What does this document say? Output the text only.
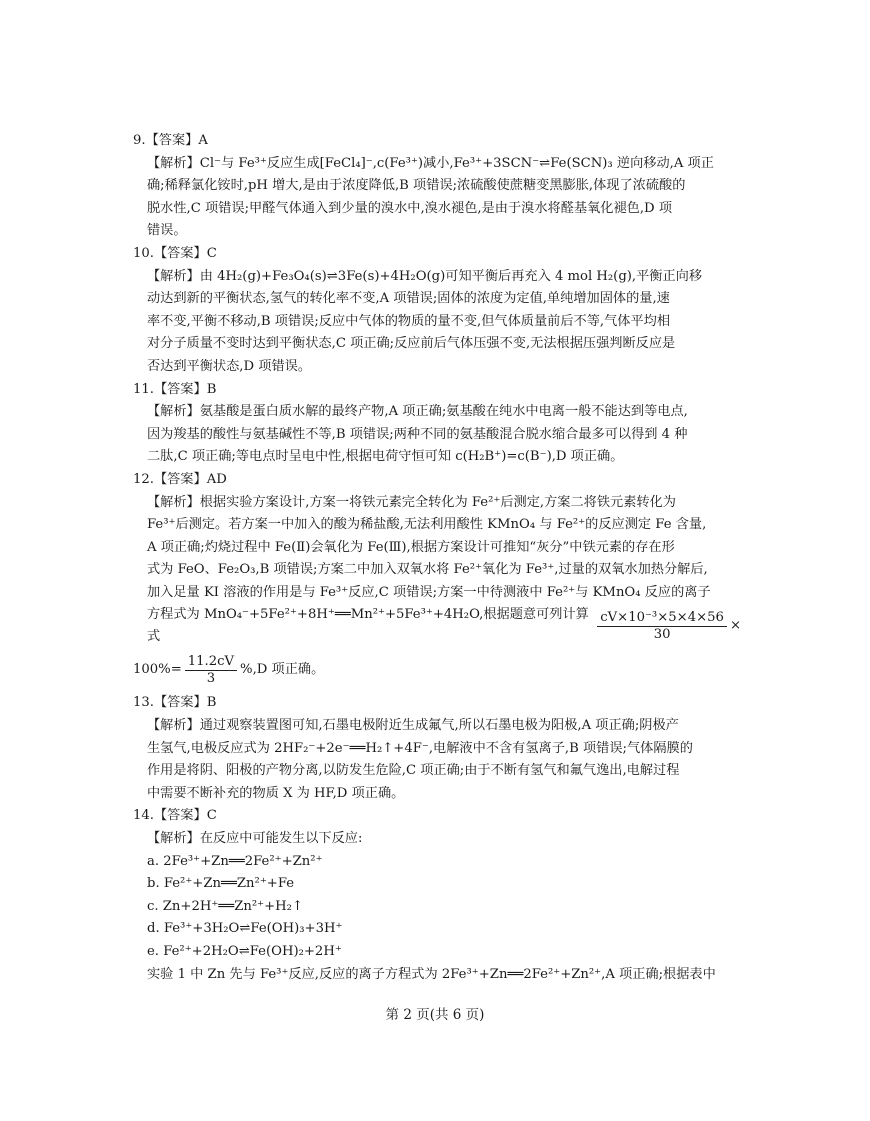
9.【答案】A
【解析】Cl⁻与 Fe³⁺反应生成[FeCl₄]⁻,c(Fe³⁺)减小,Fe³⁺+3SCN⁻⇌Fe(SCN)₃ 逆向移动,A 项正
确;稀释氯化铵时,pH 增大,是由于浓度降低,B 项错误;浓硫酸使蔗糖变黑膨胀,体现了浓硫酸的
脱水性,C 项错误;甲醛气体通入到少量的溴水中,溴水褪色,是由于溴水将醛基氧化褪色,D 项
错误。
10.【答案】C
【解析】由 4H₂(g)+Fe₃O₄(s)⇌3Fe(s)+4H₂O(g)可知平衡后再充入 4 mol H₂(g),平衡正向移
动达到新的平衡状态,氢气的转化率不变,A 项错误;固体的浓度为定值,单纯增加固体的量,速
率不变,平衡不移动,B 项错误;反应中气体的物质的量不变,但气体质量前后不等,气体平均相
对分子质量不变时达到平衡状态,C 项正确;反应前后气体压强不变,无法根据压强判断反应是
否达到平衡状态,D 项错误。
11.【答案】B
【解析】氨基酸是蛋白质水解的最终产物,A 项正确;氨基酸在纯水中电离一般不能达到等电点,
因为羧基的酸性与氨基碱性不等,B 项错误;两种不同的氨基酸混合脱水缩合最多可以得到 4 种
二肽,C 项正确;等电点时呈电中性,根据电荷守恒可知 c(H₂B⁺)=c(B⁻),D 项正确。
12.【答案】AD
【解析】根据实验方案设计,方案一将铁元素完全转化为 Fe²⁺后测定,方案二将铁元素转化为
Fe³⁺后测定。若方案一中加入的酸为稀盐酸,无法利用酸性 KMnO₄ 与 Fe²⁺的反应测定 Fe 含量,
A 项正确;灼烧过程中 Fe(Ⅱ)会氧化为 Fe(Ⅲ),根据方案设计可推知“灰分”中铁元素的存在形
式为 FeO、Fe₂O₃,B 项错误;方案二中加入双氧水将 Fe²⁺氧化为 Fe³⁺,过量的双氧水加热分解后,
加入足量 KI 溶液的作用是与 Fe³⁺反应,C 项错误;方案一中待测液中 Fe²⁺与 KMnO₄ 反应的离子
方程式为 MnO₄⁻+5Fe²⁺+8H⁺══Mn²⁺+5Fe³⁺+4H₂O,根据题意可列计算式	$\frac{\text{cV×10⁻³×5×4×56}}{30}$ ×
$100\%= \frac{11.2cV}{3} \%,D$ 项正确。
13.【答案】B
【解析】通过观察装置图可知,石墨电极附近生成氟气,所以石墨电极为阳极,A 项正确;阴极产
生氢气,电极反应式为 2HF₂⁻+2e⁻══H₂↑+4F⁻,电解液中不含有氢离子,B 项错误;气体隔膜的
作用是将阴、阳极的产物分离,以防发生危险,C 项正确;由于不断有氢气和氟气逸出,电解过程
中需要不断补充的物质 X 为 HF,D 项正确。
14.【答案】C
【解析】在反应中可能发生以下反应:
a. 2Fe³⁺+Zn══2Fe²⁺+Zn²⁺
b. Fe²⁺+Zn══Zn²⁺+Fe
c. Zn+2H⁺══Zn²⁺+H₂↑
d. Fe³⁺+3H₂O⇌Fe(OH)₃+3H⁺
e. Fe²⁺+2H₂O⇌Fe(OH)₂+2H⁺
实验 1 中 Zn 先与 Fe³⁺反应,反应的离子方程式为 2Fe³⁺+Zn══2Fe²⁺+Zn²⁺,A 项正确;根据表中
第 2 页(共 6 页)
